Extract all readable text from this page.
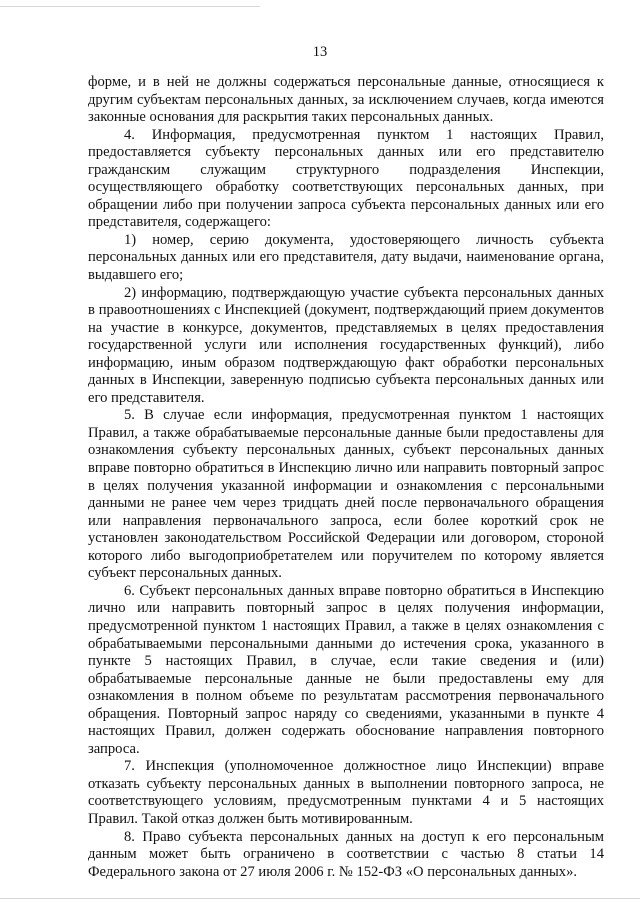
13

форме, и в ней не должны содержаться персональные данные, относящиеся к другим субъектам персональных данных, за исключением случаев, когда имеются законные основания для раскрытия таких персональных данных.

4. Информация, предусмотренная пунктом 1 настоящих Правил, предоставляется субъекту персональных данных или его представителю гражданским служащим структурного подразделения Инспекции, осуществляющего обработку соответствующих персональных данных, при обращении либо при получении запроса субъекта персональных данных или его представителя, содержащего:

1) номер, серию документа, удостоверяющего личность субъекта персональных данных или его представителя, дату выдачи, наименование органа, выдавшего его;

2) информацию, подтверждающую участие субъекта персональных данных в правоотношениях с Инспекцией (документ, подтверждающий прием документов на участие в конкурсе, документов, представляемых в целях предоставления государственной услуги или исполнения государственных функций), либо информацию, иным образом подтверждающую факт обработки персональных данных в Инспекции, заверенную подписью субъекта персональных данных или его представителя.

5. В случае если информация, предусмотренная пунктом 1 настоящих Правил, а также обрабатываемые персональные данные были предоставлены для ознакомления субъекту персональных данных, субъект персональных данных вправе повторно обратиться в Инспекцию лично или направить повторный запрос в целях получения указанной информации и ознакомления с персональными данными не ранее чем через тридцать дней после первоначального обращения или направления первоначального запроса, если более короткий срок не установлен законодательством Российской Федерации или договором, стороной которого либо выгодоприобретателем или поручителем по которому является субъект персональных данных.

6. Субъект персональных данных вправе повторно обратиться в Инспекцию лично или направить повторный запрос в целях получения информации, предусмотренной пунктом 1 настоящих Правил, а также в целях ознакомления с обрабатываемыми персональными данными до истечения срока, указанного в пункте 5 настоящих Правил, в случае, если такие сведения и (или) обрабатываемые персональные данные не были предоставлены ему для ознакомления в полном объеме по результатам рассмотрения первоначального обращения. Повторный запрос наряду со сведениями, указанными в пункте 4 настоящих Правил, должен содержать обоснование направления повторного запроса.

7. Инспекция (уполномоченное должностное лицо Инспекции) вправе отказать субъекту персональных данных в выполнении повторного запроса, не соответствующего условиям, предусмотренным пунктами 4 и 5 настоящих Правил. Такой отказ должен быть мотивированным.

8. Право субъекта персональных данных на доступ к его персональным данным может быть ограничено в соответствии с частью 8 статьи 14 Федерального закона от 27 июля 2006 г. № 152-ФЗ «О персональных данных».
